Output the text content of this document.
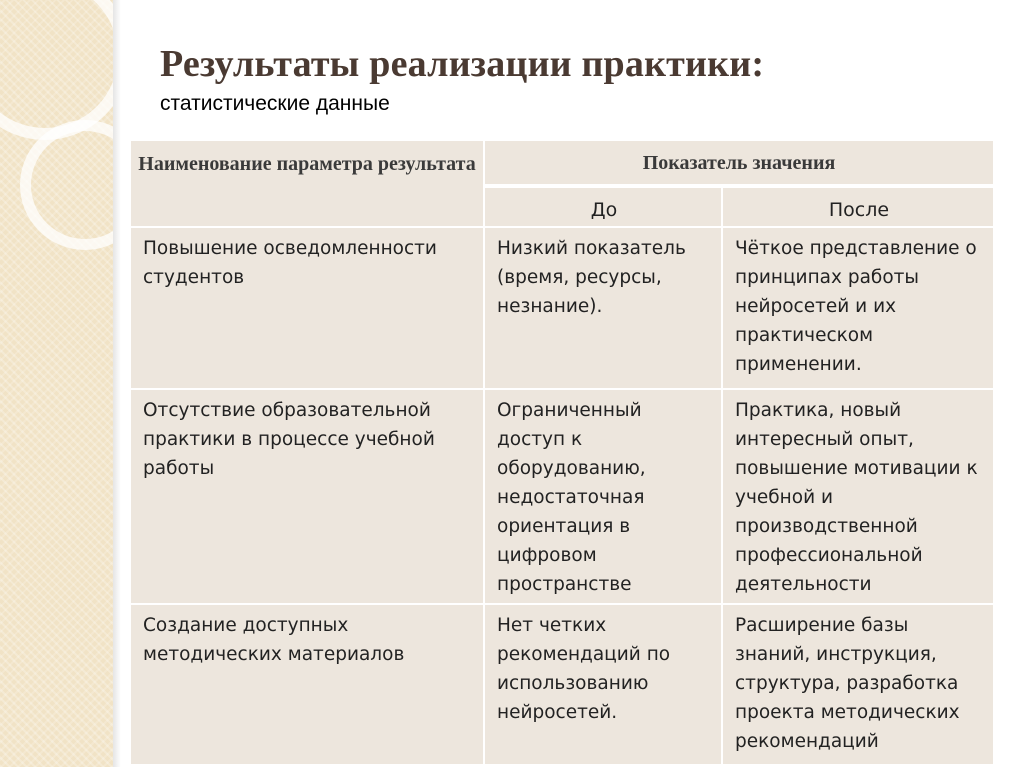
Результаты реализации практики:
статистические данные
Наименование параметра результата	Показатель значения
До	После
Повышение осведомленности студентов
Низкий показатель (время, ресурсы, незнание).
Чёткое представление о принципах работы нейросетей и их практическом применении.
Отсутствие образовательной практики в процессе учебной работы
Ограниченный доступ к оборудованию, недостаточная ориентация в цифровом пространстве
Практика, новый интересный опыт, повышение мотивации к учебной и производственной профессиональной деятельности
Создание доступных методических материалов
Нет четких рекомендаций по использованию нейросетей.
Расширение базы знаний, инструкция, структура, разработка проекта методических рекомендаций
